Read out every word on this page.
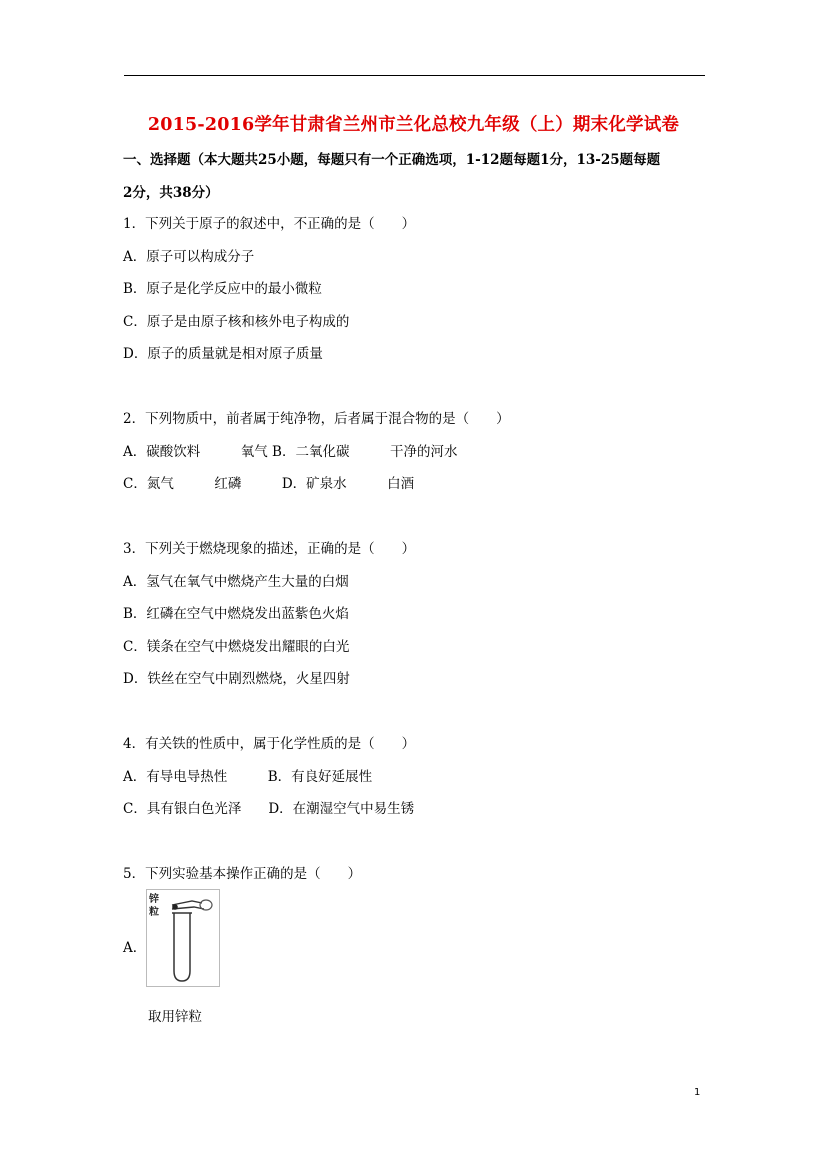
2015-2016学年甘肃省兰州市兰化总校九年级（上）期末化学试卷
一、选择题（本大题共25小题，每题只有一个正确选项，1-12题每题1分，13-25题每题
2分，共38分）
1．下列关于原子的叙述中，不正确的是（　　）
A．原子可以构成分子
B．原子是化学反应中的最小微粒
C．原子是由原子核和核外电子构成的
D．原子的质量就是相对原子质量
2．下列物质中，前者属于纯净物，后者属于混合物的是（　　）
A．碳酸饮料　　　氧气 B．二氧化碳　　　干净的河水
C．氮气　　　红磷　　　D．矿泉水　　　白酒
3．下列关于燃烧现象的描述，正确的是（　　）
A．氢气在氧气中燃烧产生大量的白烟
B．红磷在空气中燃烧发出蓝紫色火焰
C．镁条在空气中燃烧发出耀眼的白光
D．铁丝在空气中剧烈燃烧，火星四射
4．有关铁的性质中，属于化学性质的是（　　）
A．有导电导热性　　　B．有良好延展性
C．具有银白色光泽　　D．在潮湿空气中易生锈
5．下列实验基本操作正确的是（　　）
A．
锌
粒
取用锌粒
1
